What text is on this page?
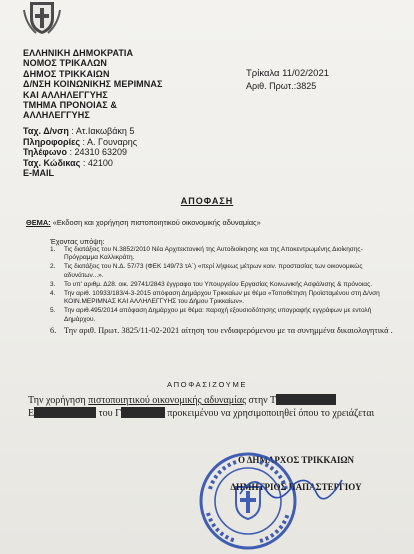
ΕΛΛΗΝΙΚΗ ΔΗΜΟΚΡΑΤΙΑ
ΝΟΜΟΣ ΤΡΙΚΑΛΩΝ
ΔΗΜΟΣ ΤΡΙΚΚΑΙΩΝ
Δ/ΝΣΗ ΚΟΙΝΩΝΙΚΗΣ ΜΕΡΙΜΝΑΣ
ΚΑΙ ΑΛΛΗΛΕΓΓΥΗΣ
ΤΜΗΜΑ ΠΡΟΝΟΙΑΣ &
ΑΛΛΗΛΕΓΓΥΗΣ
Ταχ. Δ/νση : Ατ.Ιακωβάκη 5
Πληροφορίες : Α. Γουναρης
Τηλέφωνο : 24310 63209
Ταχ. Κώδικας : 42100
E-MAIL
Τρίκαλα 11/02/2021
Αριθ. Πρωτ.:3825
ΑΠΟΦΑΣΗ
ΘΕΜΑ: «Εκδοση και χορήγηση πιστοποιητικού οικονομικής αδυναμίας»
Έχοντας υπόψη:
1. Τις διατάξεις του Ν.3852/2010 Νέα Αρχιτεκτονική της Αυτοδιοίκησης και της Αποκεντρωμένης Διοίκησης-Πρόγραμμα Καλλικράτη.
2. Τις διατάξεις του Ν.Δ. 57/73 (ΦΕΚ 149/73 τΑ΄) «περί λήψεως μέτρων κοιν. προστασίας των οικονομικώς αδυνάτων...».
3. Το υπ' αριθμ. Δ28. οικ. 29741/2843 έγγραφο του Υπουργείου Εργασίας Κοινωνικής Ασφάλισης & πρόνοιας.
4. Την αριθ. 10933/183/4-3-2015 απόφαση Δημάρχου Τρικκαίων με θέμα «Τοποθέτηση Προϊσταμένου στη Δ/νση ΚΟΙΝ.ΜΕΡΙΜΝΑΣ ΚΑΙ ΑΛΛΗΛΕΓΓΥΗΣ του Δήμου Τρικκαίων».
5. Την αριθ.495/2014 απόφαση Δημάρχου με θέμα: παροχή εξουσιοδότησης υπογραφής εγγράφων με εντολή Δημάρχου.
6. Την αριθ. Πρωτ. 3825/11-02-2021 αίτηση του ενδιαφερόμενου με τα συνημμένα δικαιολογητικά .
ΑΠΟΦΑΣΙΖΟΥΜΕ
Την χορήγηση πιστοποιητικού οικονομικής αδυναμίας στην Τ
Ε	του Γ	προκειμένου να χρησιμοποιηθεί όπου το χρειάζεται
Ο ΔΗΜΑΡΧΟΣ ΤΡΙΚΚΑΙΩΝ
ΔΗΜΗΤΡΙΟΣ ΠΑΠΑΣΤΕΡΓΙΟΥ
